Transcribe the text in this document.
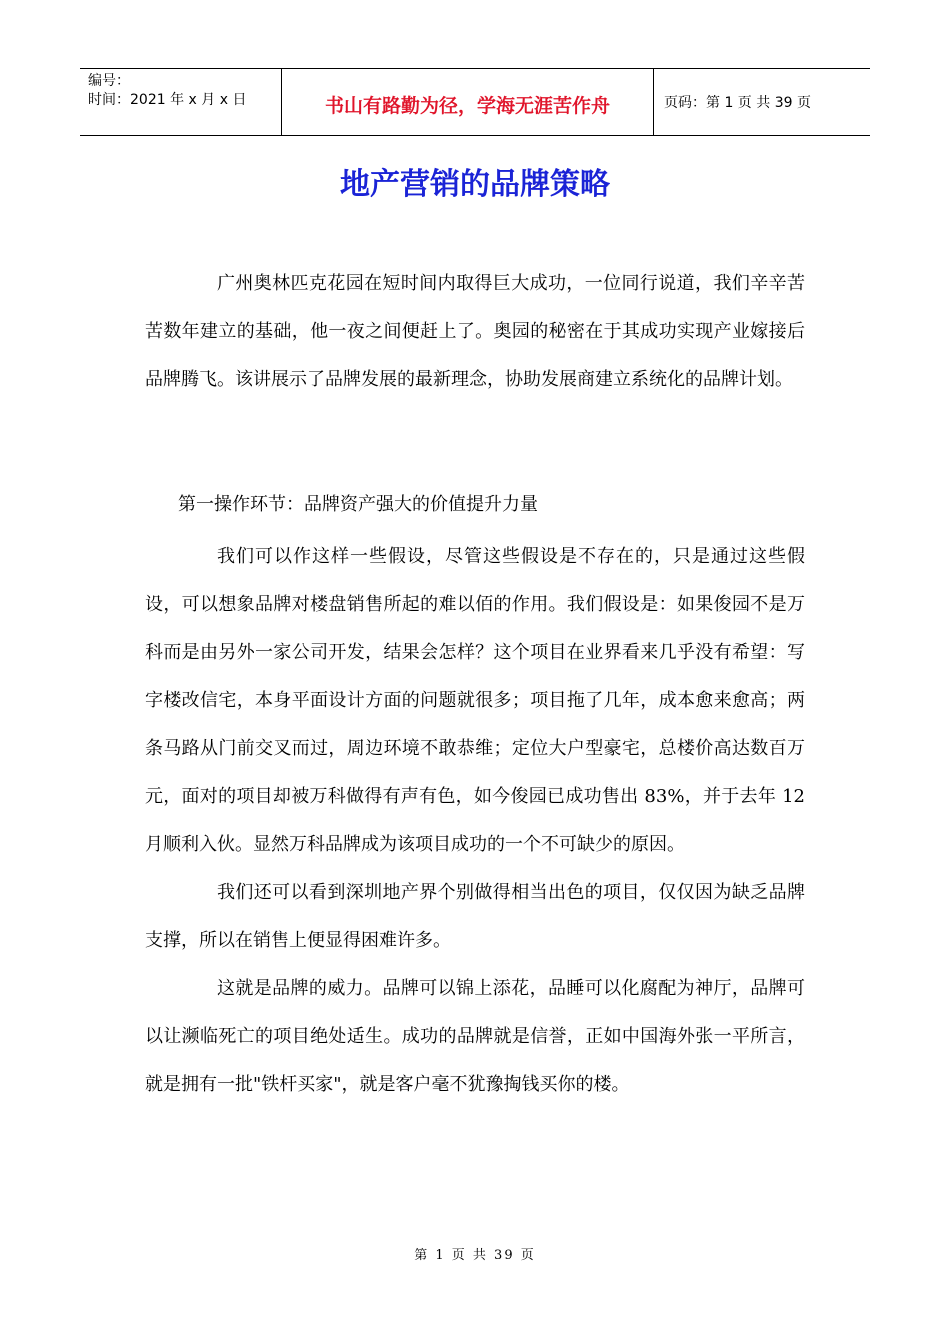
编号：
时间：2021 年 x 月 x 日	书山有路勤为径，学海无涯苦作舟	页码：第 1 页 共 39 页
地产营销的品牌策略

广州奥林匹克花园在短时间内取得巨大成功，一位同行说道，我们辛辛苦苦数年建立的基础，他一夜之间便赶上了。奥园的秘密在于其成功实现产业嫁接后品牌腾飞。该讲展示了品牌发展的最新理念，协助发展商建立系统化的品牌计划。

第一操作环节：品牌资产强大的价值提升力量

我们可以作这样一些假设，尽管这些假设是不存在的，只是通过这些假设，可以想象品牌对楼盘销售所起的难以佰的作用。我们假设是：如果俊园不是万科而是由另外一家公司开发，结果会怎样？这个项目在业界看来几乎没有希望：写字楼改信宅，本身平面设计方面的问题就很多；项目拖了几年，成本愈来愈高；两条马路从门前交叉而过，周边环境不敢恭维；定位大户型豪宅，总楼价高达数百万元，面对的项目却被万科做得有声有色，如今俊园已成功售出 83%，并于去年 12 月顺利入伙。显然万科品牌成为该项目成功的一个不可缺少的原因。

我们还可以看到深圳地产界个别做得相当出色的项目，仅仅因为缺乏品牌支撑，所以在销售上便显得困难许多。

这就是品牌的威力。品牌可以锦上添花，品睡可以化腐配为神厅，品牌可以让濒临死亡的项目绝处适生。成功的品牌就是信誉，正如中国海外张一平所言，就是拥有一批"铁杆买家"，就是客户毫不犹豫掏钱买你的楼。

第 1 页 共 39 页
